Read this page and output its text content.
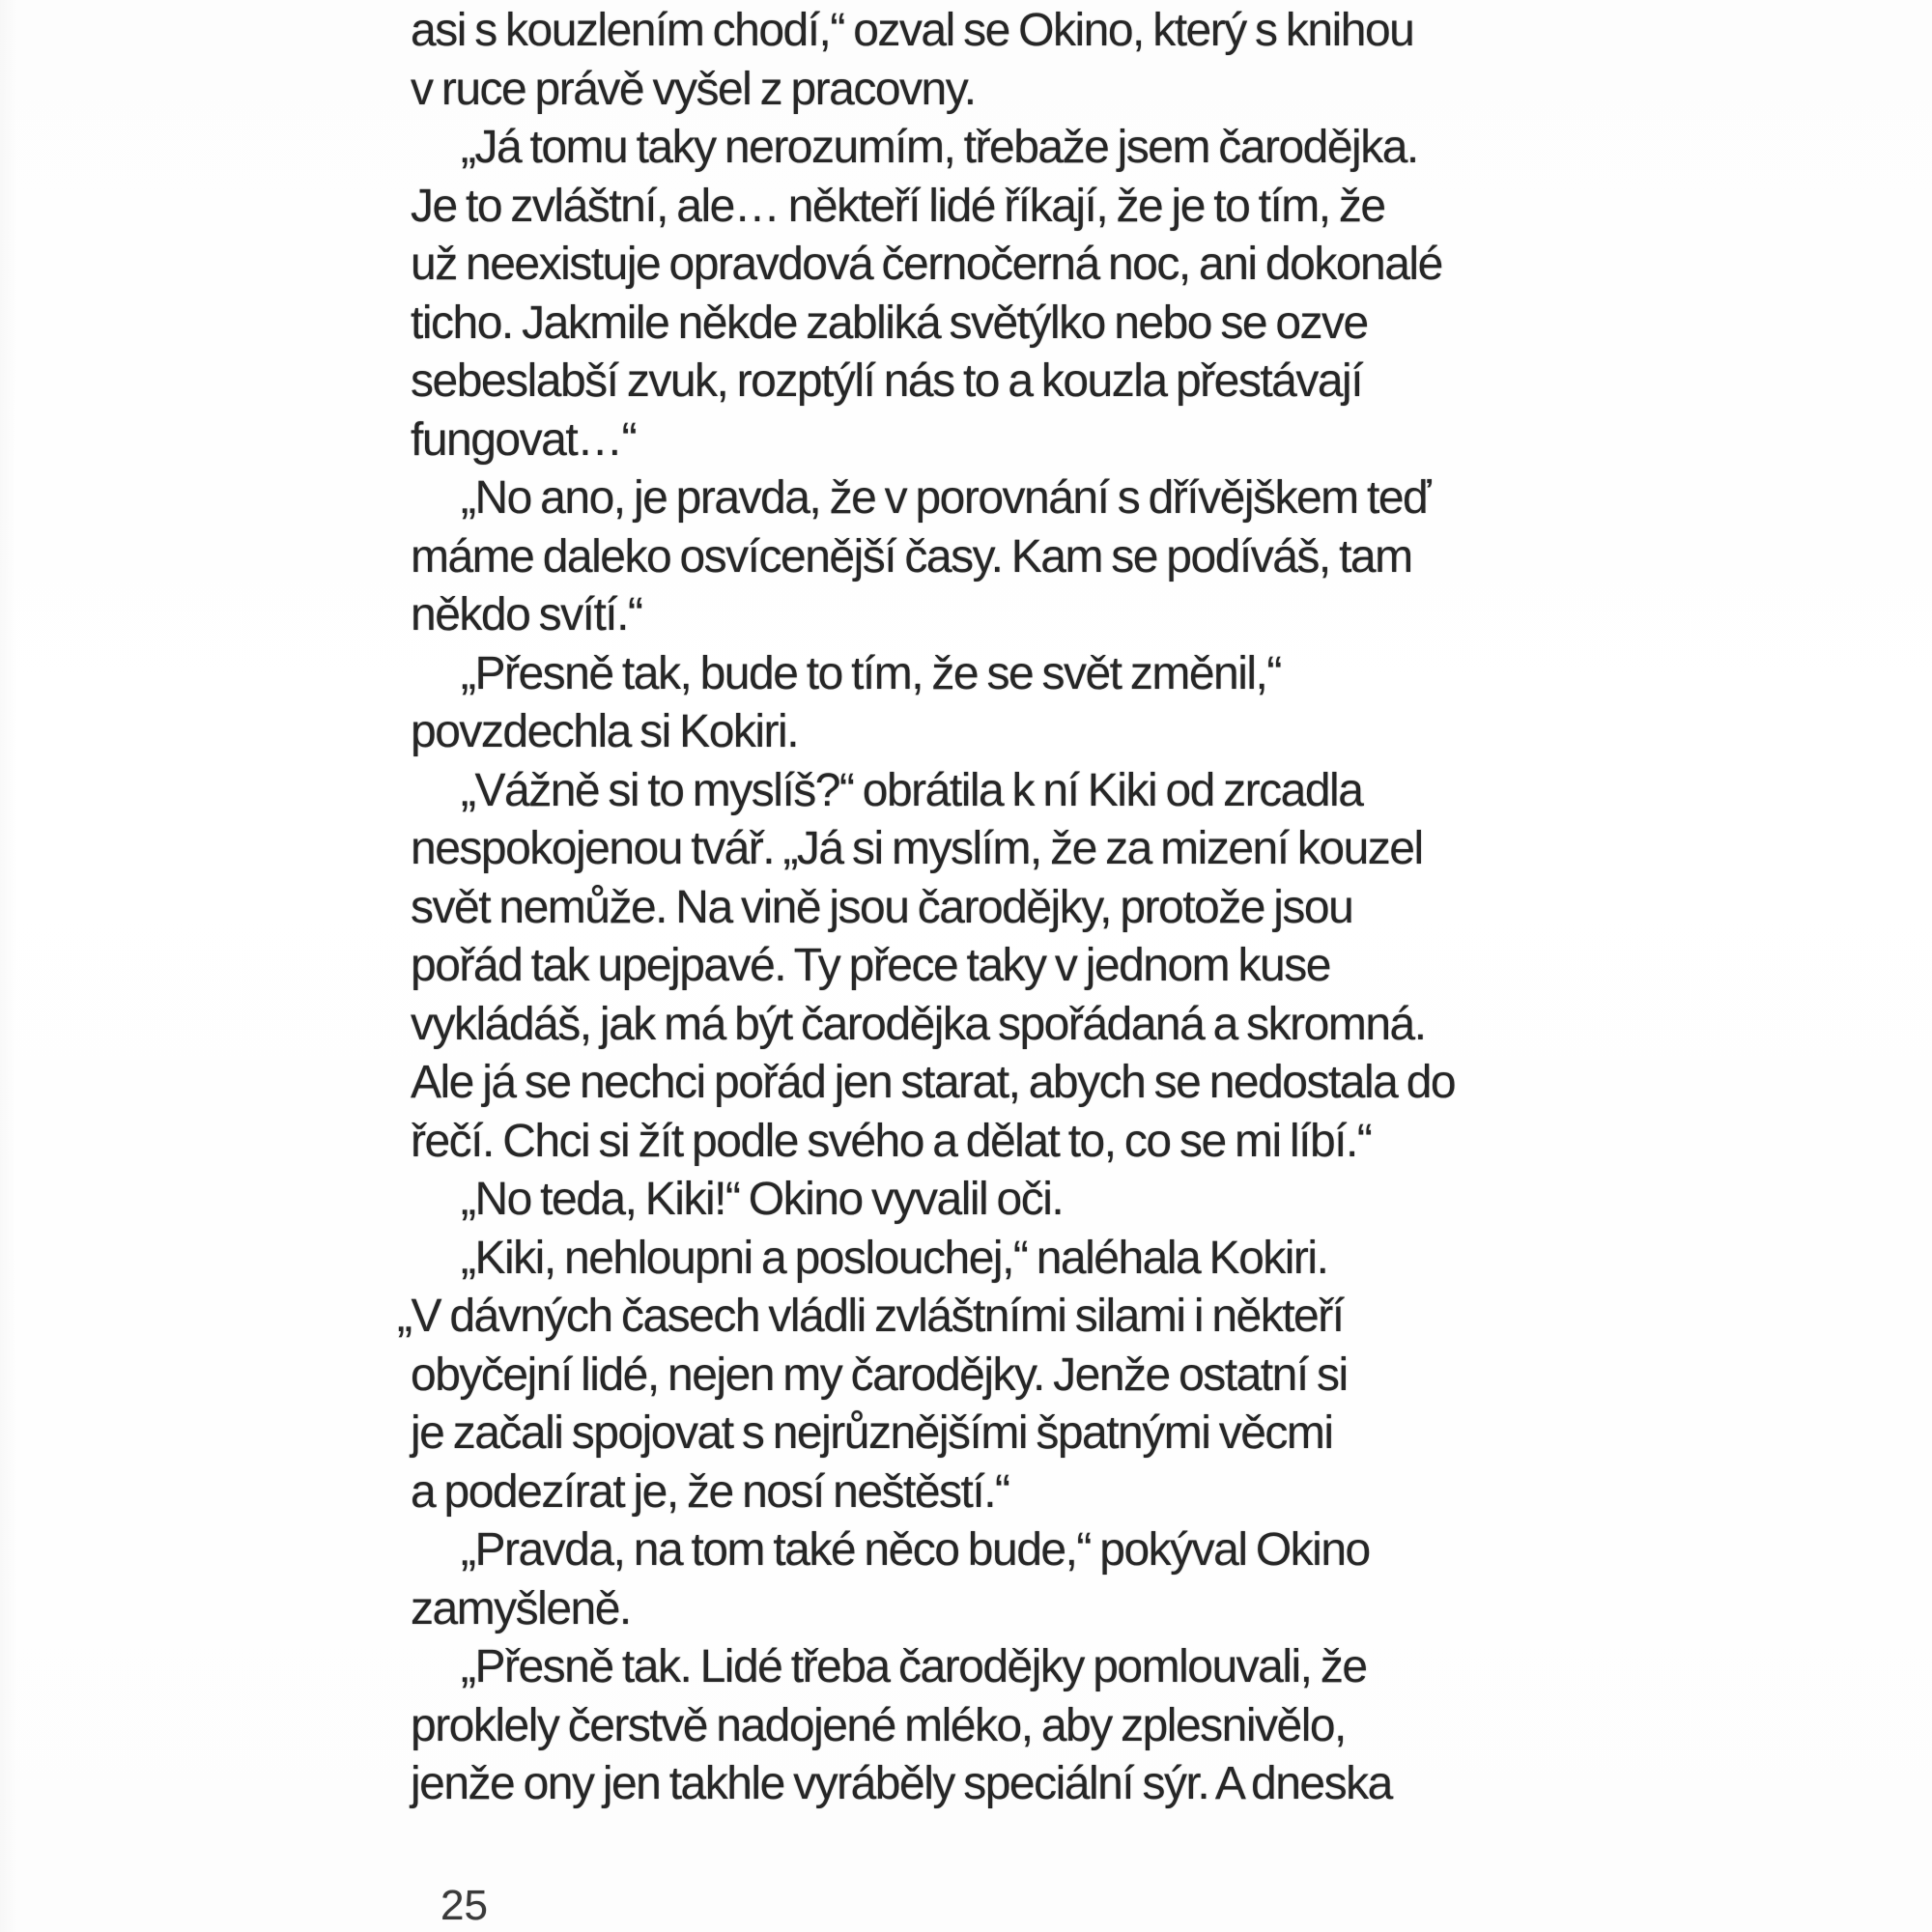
asi s kouzlením chodí,“ ozval se Okino, který s knihou
v ruce právě vyšel z pracovny.
„Já tomu taky nerozumím, třebaže jsem čarodějka.
Je to zvláštní, ale… někteří lidé říkají, že je to tím, že
už neexistuje opravdová černočerná noc, ani dokonalé
ticho. Jakmile někde zabliká světýlko nebo se ozve
sebeslabší zvuk, rozptýlí nás to a kouzla přestávají
fungovat…“
„No ano, je pravda, že v porovnání s dřívějškem teď
máme daleko osvícenější časy. Kam se podíváš, tam
někdo svítí.“
„Přesně tak, bude to tím, že se svět změnil,“
povzdechla si Kokiri.
„Vážně si to myslíš?“ obrátila k ní Kiki od zrcadla
nespokojenou tvář. „Já si myslím, že za mizení kouzel
svět nemůže. Na vině jsou čarodějky, protože jsou
pořád tak upejpavé. Ty přece taky v jednom kuse
vykládáš, jak má být čarodějka spořádaná a skromná.
Ale já se nechci pořád jen starat, abych se nedostala do
řečí. Chci si žít podle svého a dělat to, co se mi líbí.“
„No teda, Kiki!“ Okino vyvalil oči.
„Kiki, nehloupni a poslouchej,“ naléhala Kokiri.
„V dávných časech vládli zvláštními silami i někteří
obyčejní lidé, nejen my čarodějky. Jenže ostatní si
je začali spojovat s nejrůznějšími špatnými věcmi
a podezírat je, že nosí neštěstí.“
„Pravda, na tom také něco bude,“ pokýval Okino
zamyšleně.
„Přesně tak. Lidé třeba čarodějky pomlouvali, že
proklely čerstvě nadojené mléko, aby zplesnivělo,
jenže ony jen takhle vyráběly speciální sýr. A dneska
25
